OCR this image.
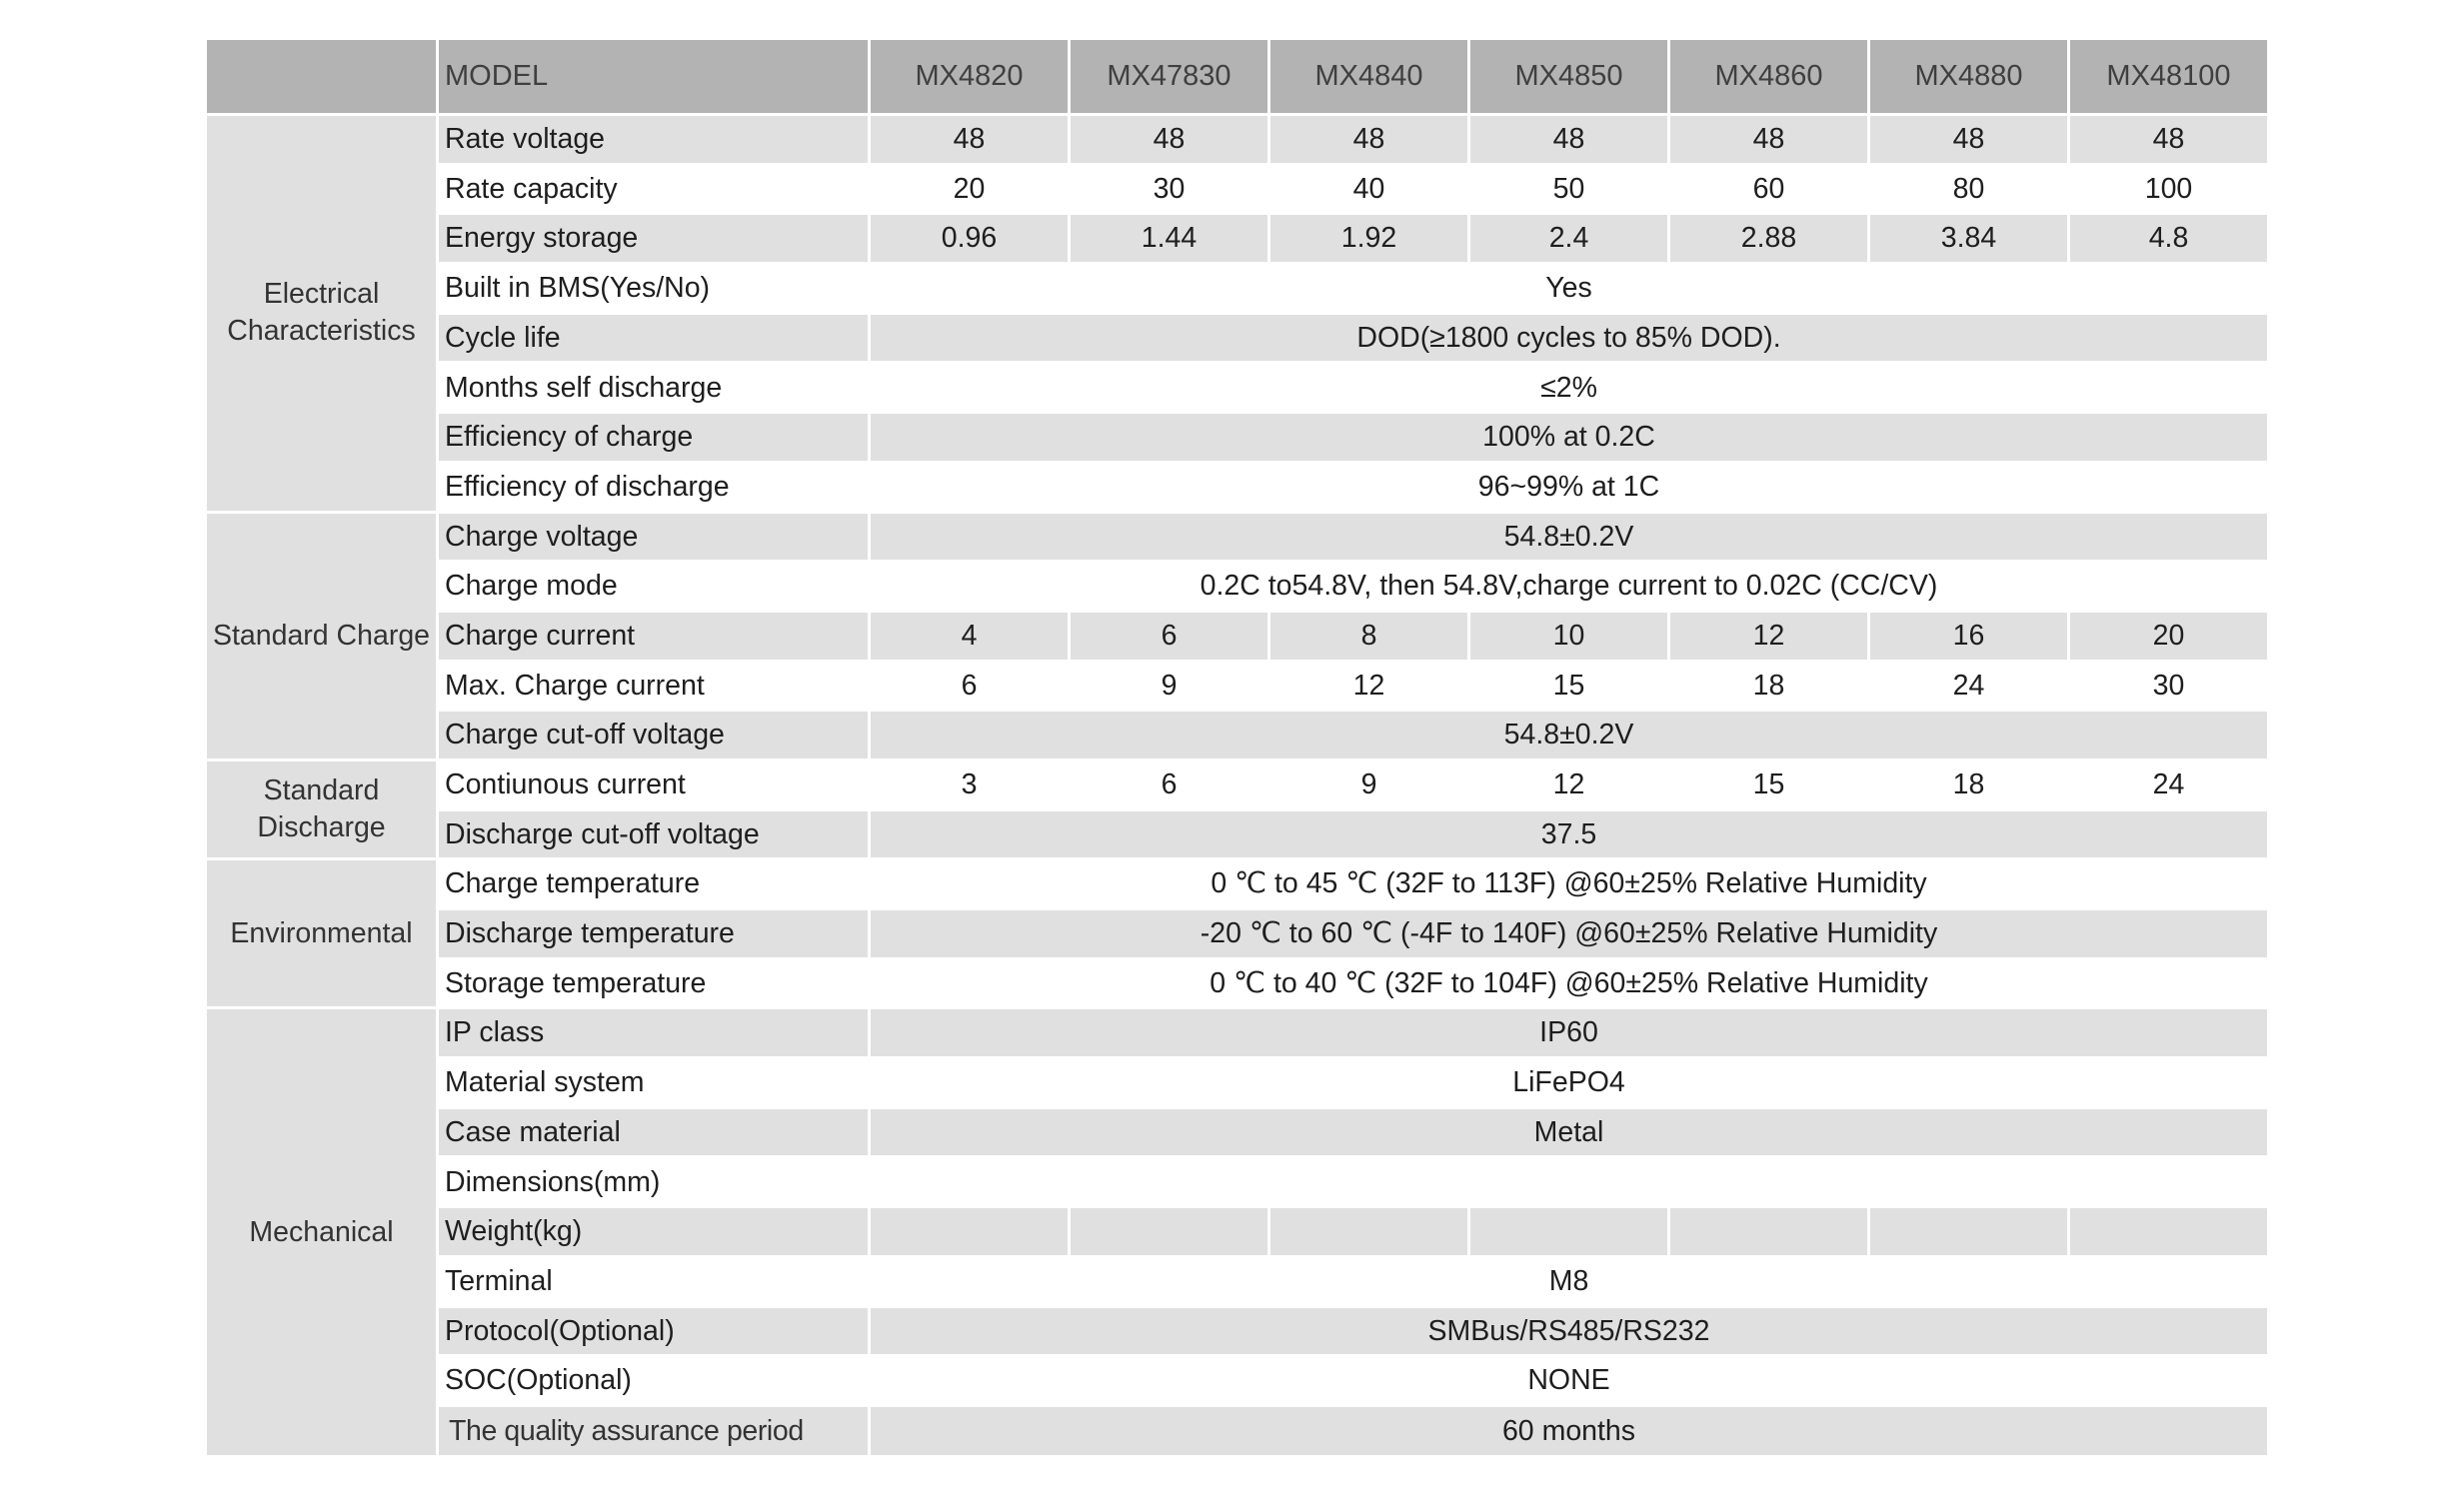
	MODEL	MX4820	MX47830	MX4840	MX4850	MX4860	MX4880	MX48100
Electrical Characteristics	Rate voltage	48	48	48	48	48	48	48
	Rate capacity	20	30	40	50	60	80	100
	Energy storage	0.96	1.44	1.92	2.4	2.88	3.84	4.8
	Built in BMS(Yes/No)	Yes						
	Cycle life	DOD(≥1800 cycles to 85% DOD).						
	Months self discharge	≤2%						
	Efficiency of charge	100% at 0.2C						
	Efficiency of discharge	96~99% at 1C						
Standard Charge	Charge voltage	54.8±0.2V						
	Charge mode	0.2C to54.8V, then 54.8V,charge current to 0.02C (CC/CV)						
	Charge current	4	6	8	10	12	16	20
	Max. Charge current	6	9	12	15	18	24	30
	Charge cut-off voltage	54.8±0.2V						
Standard Discharge	Contiunous current	3	6	9	12	15	18	24
	Discharge cut-off voltage	37.5						
Environmental	Charge temperature	0 ℃ to 45 ℃ (32F to 113F) @60±25% Relative Humidity						
	Discharge temperature	-20 ℃ to 60 ℃ (-4F to 140F) @60±25% Relative Humidity						
	Storage temperature	0 ℃ to 40 ℃ (32F to 104F) @60±25% Relative Humidity						
Mechanical	IP class	IP60						
	Material system	LiFePO4						
	Case material	Metal						
	Dimensions(mm)							
	Weight(kg)							
	Terminal	M8						
	Protocol(Optional)	SMBus/RS485/RS232						
	SOC(Optional)	NONE						
	The quality assurance period	60 months						
